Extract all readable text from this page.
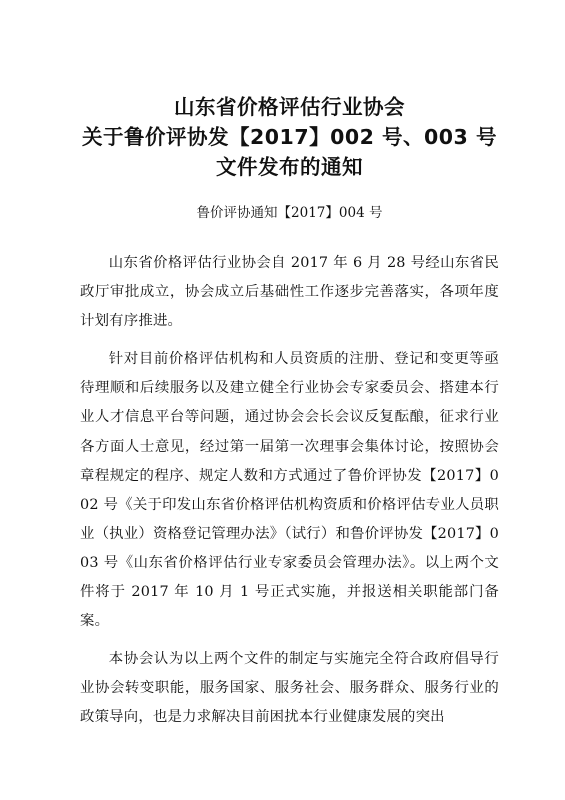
山东省价格评估行业协会
关于鲁价评协发【2017】002 号、003 号
文件发布的通知
鲁价评协通知【2017】004 号

山东省价格评估行业协会自 2017 年 6 月 28 号经山东省民政厅审批成立，协会成立后基础性工作逐步完善落实，各项年度计划有序推进。

针对目前价格评估机构和人员资质的注册、登记和变更等亟待理顺和后续服务以及建立健全行业协会专家委员会、搭建本行业人才信息平台等问题，通过协会会长会议反复酝酿，征求行业各方面人士意见，经过第一届第一次理事会集体讨论，按照协会章程规定的程序、规定人数和方式通过了鲁价评协发【2017】002 号《关于印发山东省价格评估机构资质和价格评估专业人员职业（执业）资格登记管理办法》（试行）和鲁价评协发【2017】003 号《山东省价格评估行业专家委员会管理办法》。以上两个文件将于 2017 年 10 月 1 号正式实施，并报送相关职能部门备案。

本协会认为以上两个文件的制定与实施完全符合政府倡导行业协会转变职能，服务国家、服务社会、服务群众、服务行业的政策导向，也是力求解决目前困扰本行业健康发展的突出
